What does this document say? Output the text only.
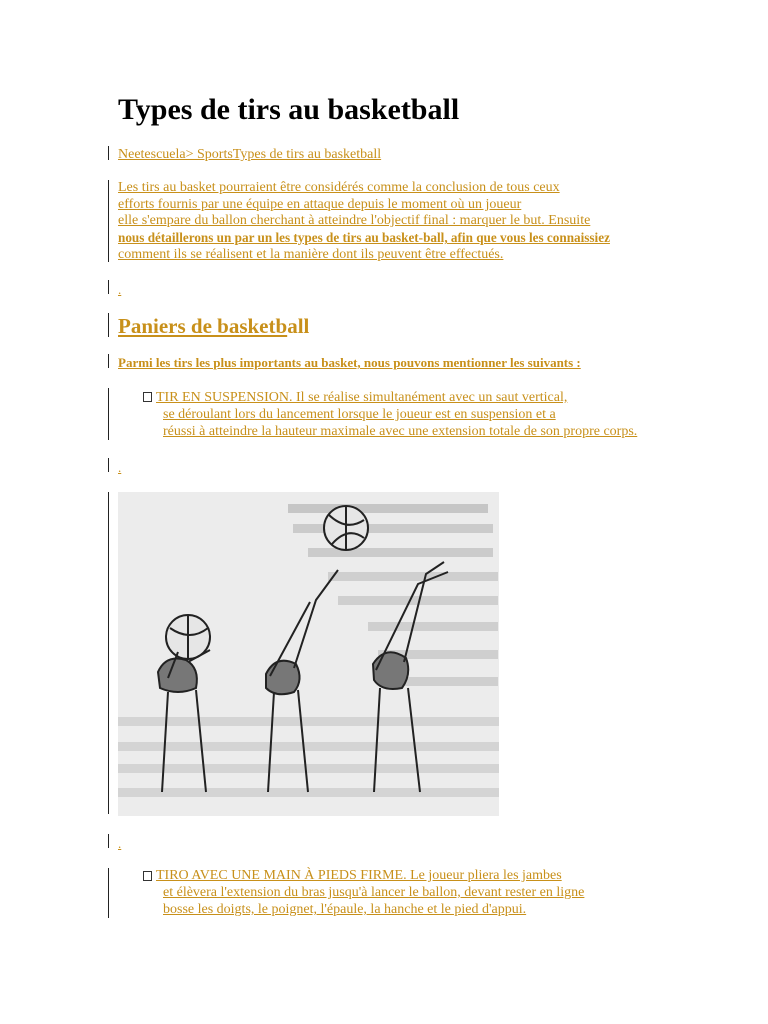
Types de tirs au basketball
Neetescuela> SportsTypes de tirs au basketball
Les tirs au basket pourraient être considérés comme la conclusion de tous ceux
efforts fournis par une équipe en attaque depuis le moment où un joueur
elle s'empare du ballon cherchant à atteindre l'objectif final : marquer le but. Ensuite
nous détaillerons un par un les types de tirs au basket-ball, afin que vous les connaissiez
comment ils se réalisent et la manière dont ils peuvent être effectués.
.
Paniers de basketball
Parmi les tirs les plus importants au basket, nous pouvons mentionner les suivants :
TIR EN SUSPENSION. Il se réalise simultanément avec un saut vertical,
se déroulant lors du lancement lorsque le joueur est en suspension et a
réussi à atteindre la hauteur maximale avec une extension totale de son propre corps.
.
.
TIRO AVEC UNE MAIN À PIEDS FIRME. Le joueur pliera les jambes
et élèvera l'extension du bras jusqu'à lancer le ballon, devant rester en ligne
bosse les doigts, le poignet, l'épaule, la hanche et le pied d'appui.
